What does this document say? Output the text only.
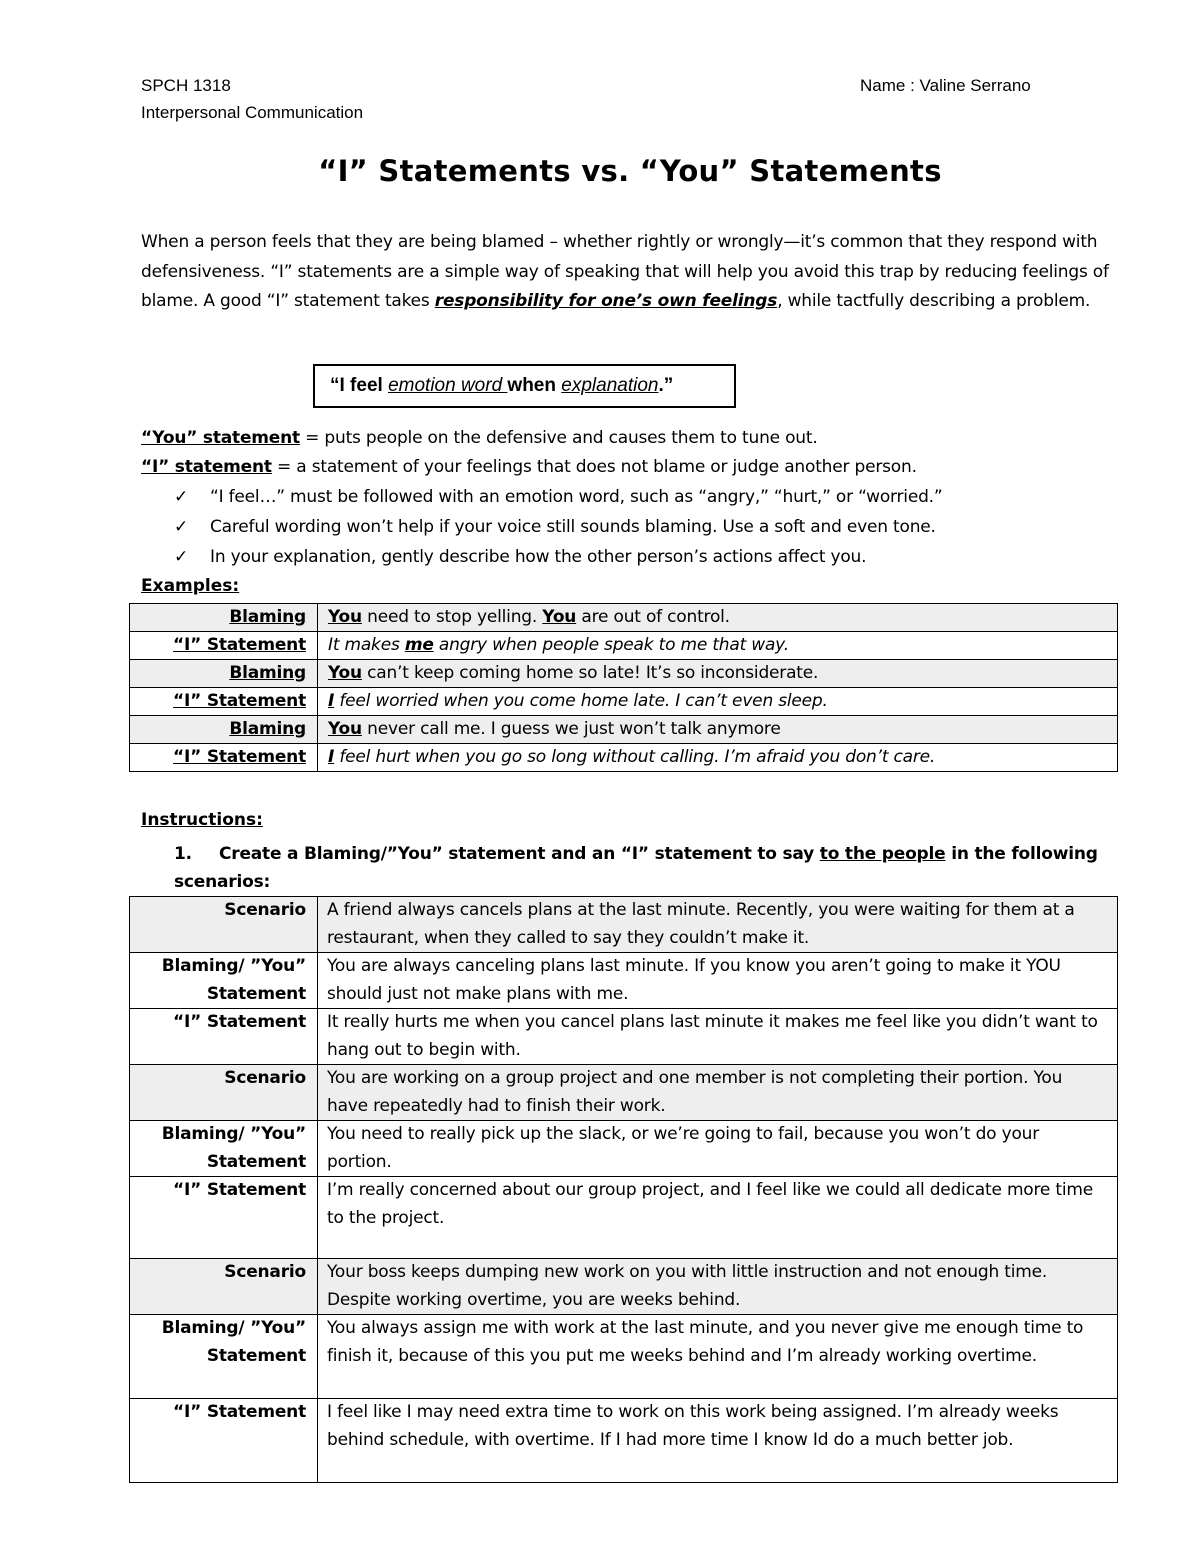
SPCH 1318
Interpersonal Communication
Name : Valine Serrano
“I” Statements vs. “You” Statements
When a person feels that they are being blamed – whether rightly or wrongly—it’s common that they respond with defensiveness. “I” statements are a simple way of speaking that will help you avoid this trap by reducing feelings of blame. A good “I” statement takes responsibility for one’s own feelings, while tactfully describing a problem.
“I feel emotion word when explanation.”
“You” statement = puts people on the defensive and causes them to tune out.
“I” statement = a statement of your feelings that does not blame or judge another person.
✓ “I feel…” must be followed with an emotion word, such as “angry,” “hurt,” or “worried.”
✓ Careful wording won’t help if your voice still sounds blaming. Use a soft and even tone.
✓ In your explanation, gently describe how the other person’s actions affect you.
Examples:
Blaming	You need to stop yelling. You are out of control.
“I” Statement	It makes me angry when people speak to me that way.
Blaming	You can’t keep coming home so late! It’s so inconsiderate.
“I” Statement	I feel worried when you come home late. I can’t even sleep.
Blaming	You never call me. I guess we just won’t talk anymore
“I” Statement	I feel hurt when you go so long without calling. I’m afraid you don’t care.
Instructions:
1. Create a Blaming/”You” statement and an “I” statement to say to the people in the following scenarios:
Scenario	A friend always cancels plans at the last minute. Recently, you were waiting for them at a restaurant, when they called to say they couldn’t make it.
Blaming/ ”You” Statement	You are always canceling plans last minute. If you know you aren’t going to make it YOU should just not make plans with me.
“I” Statement	It really hurts me when you cancel plans last minute it makes me feel like you didn’t want to hang out to begin with.
Scenario	You are working on a group project and one member is not completing their portion. You have repeatedly had to finish their work.
Blaming/ ”You” Statement	You need to really pick up the slack, or we’re going to fail, because you won’t do your portion.
“I” Statement	I’m really concerned about our group project, and I feel like we could all dedicate more time to the project.
Scenario	Your boss keeps dumping new work on you with little instruction and not enough time. Despite working overtime, you are weeks behind.
Blaming/ ”You” Statement	You always assign me with work at the last minute, and you never give me enough time to finish it, because of this you put me weeks behind and I’m already working overtime.
“I” Statement	I feel like I may need extra time to work on this work being assigned. I’m already weeks behind schedule, with overtime. If I had more time I know Id do a much better job.
